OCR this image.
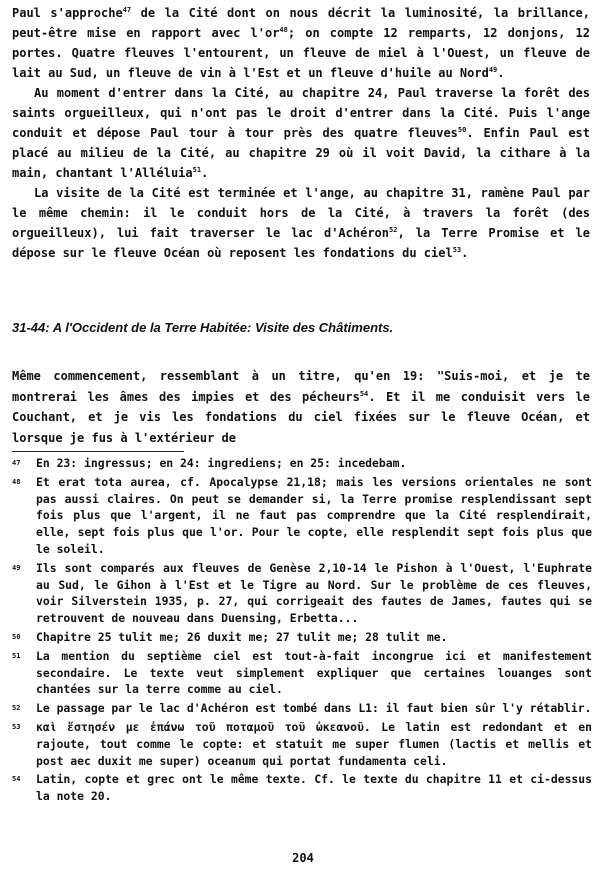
Paul s'approche$^{47}$ de la Cité dont on nous décrit la luminosité, la brillance, peut-être mise en rapport avec $l'or^{48}$; on compte 12 remparts, 12 donjons, 12 portes. Quatre fleuves l'entourent, un fleuve de miel à l'Ouest, un fleuve de lait au Sud, un fleuve de vin à l'Est et un fleuve d'huile au Nord$^{49}$.

Au moment d'entrer dans la Cité, au chapitre 24, Paul traverse la forêt des saints orgueilleux, qui n'ont pas le droit d'entrer dans la Cité. Puis l'ange conduit et dépose Paul tour à tour près des quatre fleuves$^{50}$. Enfin Paul est placé au milieu de la Cité, au chapitre 29 où il voit David, la cithare à la main, chantant l'Alléluia$^{51}$.

La visite de la Cité est terminée et l'ange, au chapitre 31, ramène Paul par le même chemin: il le conduit hors de la Cité, à travers la forêt (des orgueilleux), lui fait traverser le lac d'Achéron$^{52}$, la Terre Promise et le dépose sur le fleuve Océan où reposent les fondations du ciel$^{53}$.

31-44: A l'Occident de la Terre Habitée: Visite des Châtiments.

Même commencement, ressemblant à un titre, qu'en 19: "Suis-moi, et je te montrerai les âmes des impies et des pécheurs$^{54}$. Et il me conduisit vers le Couchant, et je vis les fondations du ciel fixées sur le fleuve Océan, et lorsque je fus à l'extérieur de

47	En 23: ingressus; en 24: ingrediens; en 25: incedebam.
48	Et erat tota aurea, cf. Apocalypse 21,18; mais les versions orientales ne sont pas aussi claires. On peut se demander si, la Terre promise resplendissant sept fois plus que l'argent, il ne faut pas comprendre que la Cité resplendirait, elle, sept fois plus que l'or. Pour le copte, elle resplendit sept fois plus que le soleil.
49	Ils sont comparés aux fleuves de Genèse 2,10-14 le Pishon à l'Ouest, l'Euphrate au Sud, le Gihon à l'Est et le Tigre au Nord. Sur le problème de ces fleuves, voir Silverstein 1935, p. 27, qui corrigeait des fautes de James, fautes qui se retrouvent de nouveau dans Duensing, Erbetta...
50	Chapitre 25 tulit me; 26 duxit me; 27 tulit me; 28 tulit me.
51	La mention du septième ciel est tout-à-fait incongrue ici et manifestement secondaire. Le texte veut simplement expliquer que certaines louanges sont chantées sur la terre comme au ciel.
52	Le passage par le lac d'Achéron est tombé dans L1: il faut bien sûr l'y rétablir.
53	καὶ ἔστησέν με ἐπάνω τοῦ ποταμοῦ τοῦ ὠκεανοῦ. Le latin est redondant et en rajoute, tout comme le copte: et statuit me super flumen (lactis et mellis et post aec duxit me super) oceanum qui portat fundamenta celi.
54	Latin, copte et grec ont le même texte. Cf. le texte du chapitre 11 et ci-dessus la note 20.
204
